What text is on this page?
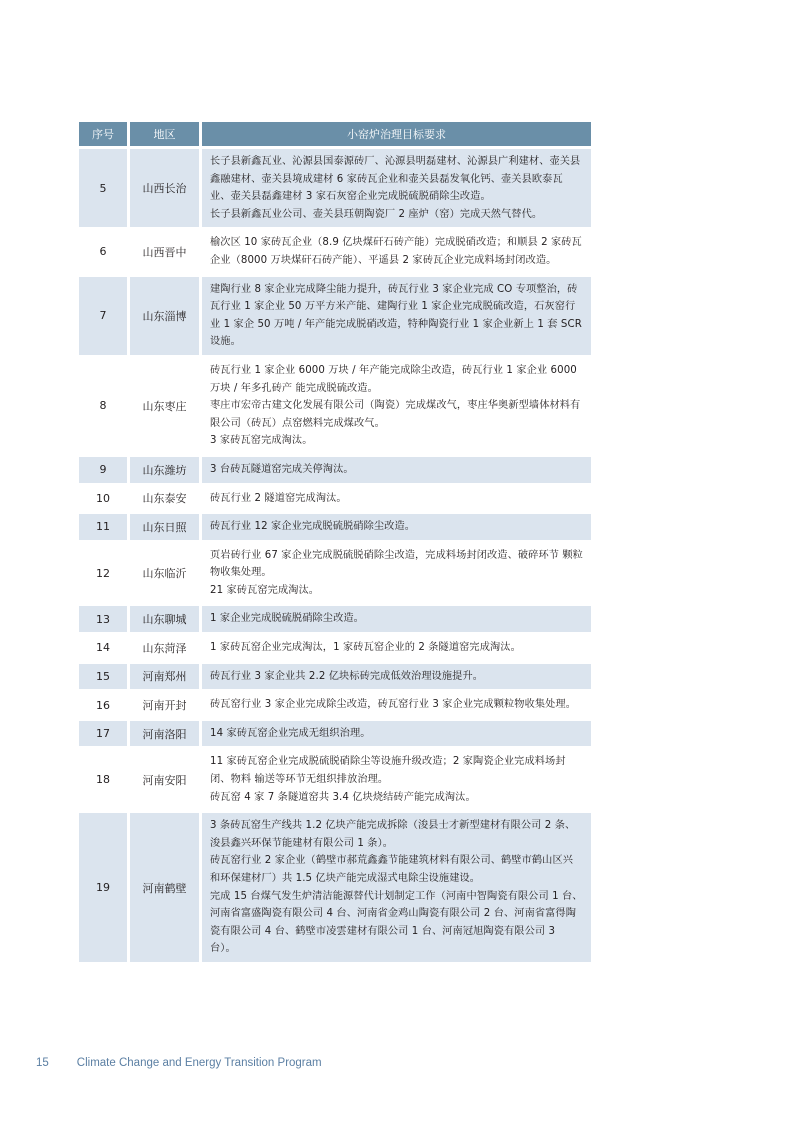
序号	地区	小窑炉治理目标要求
5	山西长治
长子县新鑫瓦业、沁源县国泰源砖厂、沁源县明磊建材、沁源县广利建材、壶关县鑫融建材、壶关县境成建材 6 家砖瓦企业和壶关县磊发氧化钙、壶关县欧泰瓦业、壶关县磊鑫建材 3 家石灰窑企业完成脱硫脱硝除尘改造。
长子县新鑫瓦业公司、壶关县珏朝陶瓷厂 2 座炉（窑）完成天然气替代。
6	山西晋中
榆次区 10 家砖瓦企业（8.9 亿块煤矸石砖产能）完成脱硝改造；和顺县 2 家砖瓦企业（8000 万块煤矸石砖产能）、平遥县 2 家砖瓦企业完成料场封闭改造。
7	山东淄博
建陶行业 8 家企业完成降尘能力提升，砖瓦行业 3 家企业完成 CO 专项整治，砖瓦行业 1 家企业 50 万平方米产能、建陶行业 1 家企业完成脱硫改造，石灰窑行业 1 家企 50 万吨 / 年产能完成脱硝改造，特种陶瓷行业 1 家企业新上 1 套 SCR 设施。
8	山东枣庄
砖瓦行业 1 家企业 6000 万块 / 年产能完成除尘改造，砖瓦行业 1 家企业 6000 万块 / 年多孔砖产 能完成脱硫改造。
枣庄市宏帝古建文化发展有限公司（陶瓷）完成煤改气，枣庄华奥新型墙体材料有限公司（砖瓦）点窑燃料完成煤改气。
3 家砖瓦窑完成淘汰。
9	山东潍坊	3 台砖瓦隧道窑完成关停淘汰。
10	山东泰安	砖瓦行业 2 隧道窑完成淘汰。
11	山东日照	砖瓦行业 12 家企业完成脱硫脱硝除尘改造。
12	山东临沂
页岩砖行业 67 家企业完成脱硫脱硝除尘改造，完成料场封闭改造、破碎环节 颗粒物收集处理。
21 家砖瓦窑完成淘汰。
13	山东聊城	1 家企业完成脱硫脱硝除尘改造。
14	山东菏泽	1 家砖瓦窑企业完成淘汰，1 家砖瓦窑企业的 2 条隧道窑完成淘汰。
15	河南郑州	砖瓦行业 3 家企业共 2.2 亿块标砖完成低效治理设施提升。
16	河南开封	砖瓦窑行业 3 家企业完成除尘改造，砖瓦窑行业 3 家企业完成颗粒物收集处理。
17	河南洛阳	14 家砖瓦窑企业完成无组织治理。
18	河南安阳
11 家砖瓦窑企业完成脱硫脱硝除尘等设施升级改造；2 家陶瓷企业完成料场封闭、物料 输送等环节无组织排放治理。
砖瓦窑 4 家 7 条隧道窑共 3.4 亿块烧结砖产能完成淘汰。
19	河南鹤壁
3 条砖瓦窑生产线共 1.2 亿块产能完成拆除（浚县士才新型建材有限公司 2 条、浚县鑫兴环保节能建材有限公司 1 条）。
砖瓦窑行业 2 家企业（鹤壁市郝荒鑫鑫节能建筑材料有限公司、鹤壁市鹤山区兴和环保建材厂）共 1.5 亿块产能完成湿式电除尘设施建设。
完成 15 台煤气发生炉清洁能源替代计划制定工作（河南中智陶瓷有限公司 1 台、河南省富盛陶瓷有限公司 4 台、河南省金鸡山陶瓷有限公司 2 台、河南省富得陶瓷有限公司 4 台、鹤壁市凌雲建材有限公司 1 台、河南冠旭陶瓷有限公司 3 台）。
15 Climate Change and Energy Transition Program
